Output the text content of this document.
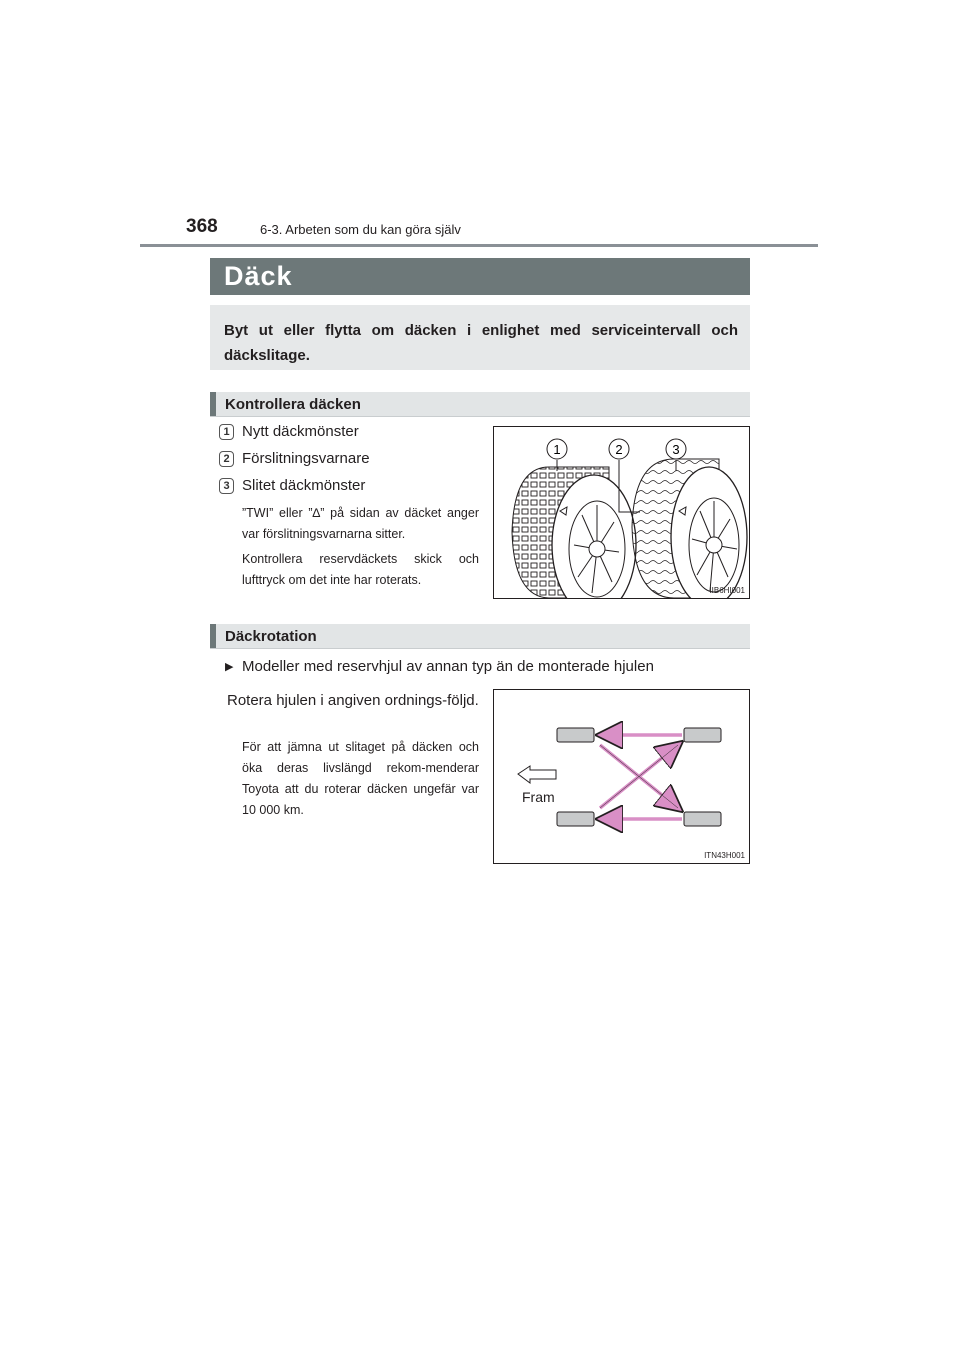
368	6-3. Arbeten som du kan göra själv
Däck

Byt ut eller flytta om däcken i enlighet med serviceintervall och däckslitage.

Kontrollera däcken
1 Nytt däckmönster
2 Förslitningsvarnare
3 Slitet däckmönster
”TWI” eller ”∆” på sidan av däcket anger var förslitningsvarnarna sitter.
Kontrollera reservdäckets skick och lufttryck om det inte har roterats.
1	2	3
IIB6HI001
Däckrotation
▶ Modeller med reservhjul av annan typ än de monterade hjulen
Rotera hjulen i angiven ordnings-följd.
För att jämna ut slitaget på däcken och öka deras livslängd rekom-menderar Toyota att du roterar däcken ungefär var 10 000 km.
Fram
ITN43H001
